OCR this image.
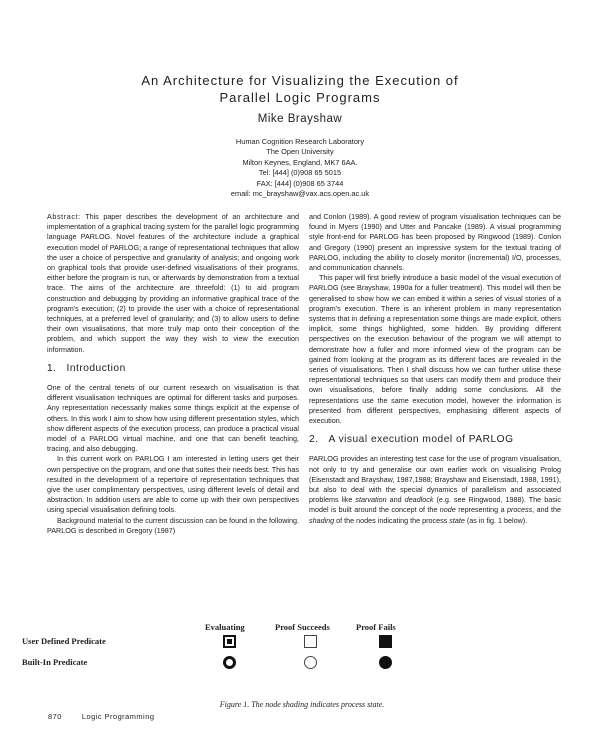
An Architecture for Visualizing the Execution of
Parallel Logic Programs
Mike Brayshaw
Human Cognition Research Laboratory
The Open University
Milton Keynes, England, MK7 6AA.
Tel: [444] (0)908 65 5015
FAX: [444] (0)908 65 3744
email: mc_brayshaw@vax.acs.open.ac.uk

Abstract: This paper describes the development of an architecture and implementation of a graphical tracing system for the parallel logic programming language PARLOG. Novel features of the architecture include a graphical execution model of PARLOG; a range of representational techniques that allow the user a choice of perspective and granularity of analysis; and ongoing work on graphical tools that provide user-defined visualisations of their programs, either before the program is run, or afterwards by demonstration from a textual trace. The aims of the architecture are threefold: (1) to aid program construction and debugging by providing an informative graphical trace of the program's execution; (2) to provide the user with a choice of representational techniques, at a preferred level of granularity; and (3) to allow users to define their own visualisations, that more truly map onto their conception of the problem, and which support the way they wish to view the execution information.

1. Introduction

One of the central tenets of our current research on visualisation is that different visualisation techniques are optimal for different tasks and purposes. Any representation necessarily makes some things explicit at the expense of others. In this work I aim to show how using different presentation styles, which show different aspects of the execution process, can produce a practical visual model of a PARLOG virtual machine, and one that can benefit teaching, tracing, and also debugging.

In this current work on PARLOG I am interested in letting users get their own perspective on the program, and one that suites their needs best. This has resulted in the development of a repertoire of representation techniques that give the user complimentary perspectives, using different levels of detail and abstraction. In addition users are able to come up with their own perspectives using special visualisation defining tools.

Background material to the current discussion can be found in the following. PARLOG is described in Gregory (1987)

and Conlon (1989). A good review of program visualisation techniques can be found in Myers (1990) and Utter and Pancake (1989). A visual programming style front-end for PARLOG has been proposed by Ringwood (1989). Conlon and Gregory (1990) present an impressive system for the textual tracing of PARLOG, including the ability to closely monitor (incremental) I/O, processes, and communication channels.

This paper will first briefly introduce a basic model of the visual execution of PARLOG (see Brayshaw, 1990a for a fuller treatment). This model will then be generalised to show how we can embed it within a series of visual stories of a program's execution. There is an inherent problem in many representation systems that in defining a representation some things are made explicit, others implicit, some things highlighted, some hidden. By providing different perspectives on the execution behaviour of the program we will attempt to demonstrate how a fuller and more informed view of the program can be gained from looking at the program as its different faces are revealed in the series of visualisations. Then I shall discuss how we can further utilise these representational techniques so that users can modify them and produce their own visualisations, before finally adding some conclusions. All the representations use the same execution model, however the information is presented from different perspectives, emphasising different aspects of execution.

2. A visual execution model of PARLOG

PARLOG provides an interesting test case for the use of program visualisation, not only to try and generalise our own earlier work on visualising Prolog (Eisenstadt and Brayshaw, 1987,1988; Brayshaw and Eisenstadt, 1988, 1991), but also to deal with the special dynamics of parallelism and associated problems like starvation and deadlock (e.g. see Ringwood, 1988). The basic model is built around the concept of the node representing a process, and the shading of the nodes indicating the process state (as in fig. 1 below).

Evaluating	Proof Succeeds	Proof Fails
User Defined Predicate
Built-In Predicate
Figure 1. The node shading indicates process state.
870	Logic Programming
